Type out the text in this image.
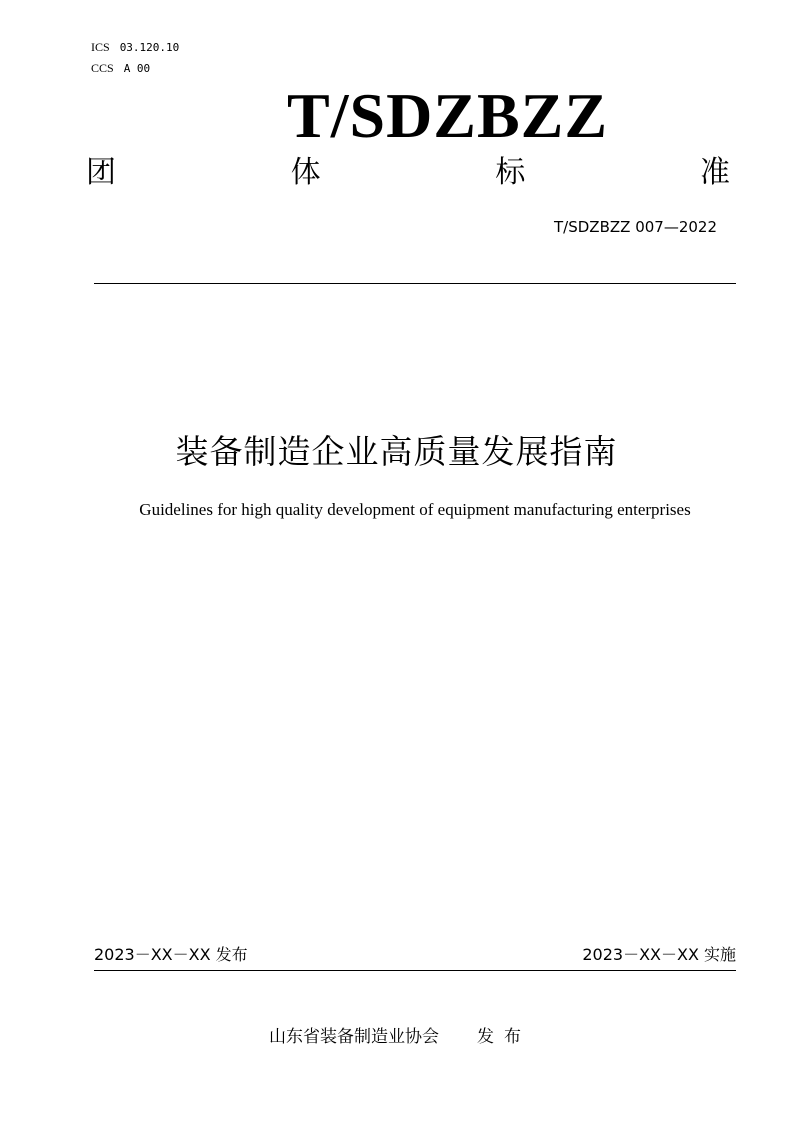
ICS 03.120.10
CCS A 00
T/SDZBZZ
团	体	标	准
T/SDZBZZ 007—2022
装备制造企业高质量发展指南
Guidelines for high quality development of equipment manufacturing enterprises
2023－XX－XX 发布	2023－XX－XX 实施
山东省装备制造业协会 发布
